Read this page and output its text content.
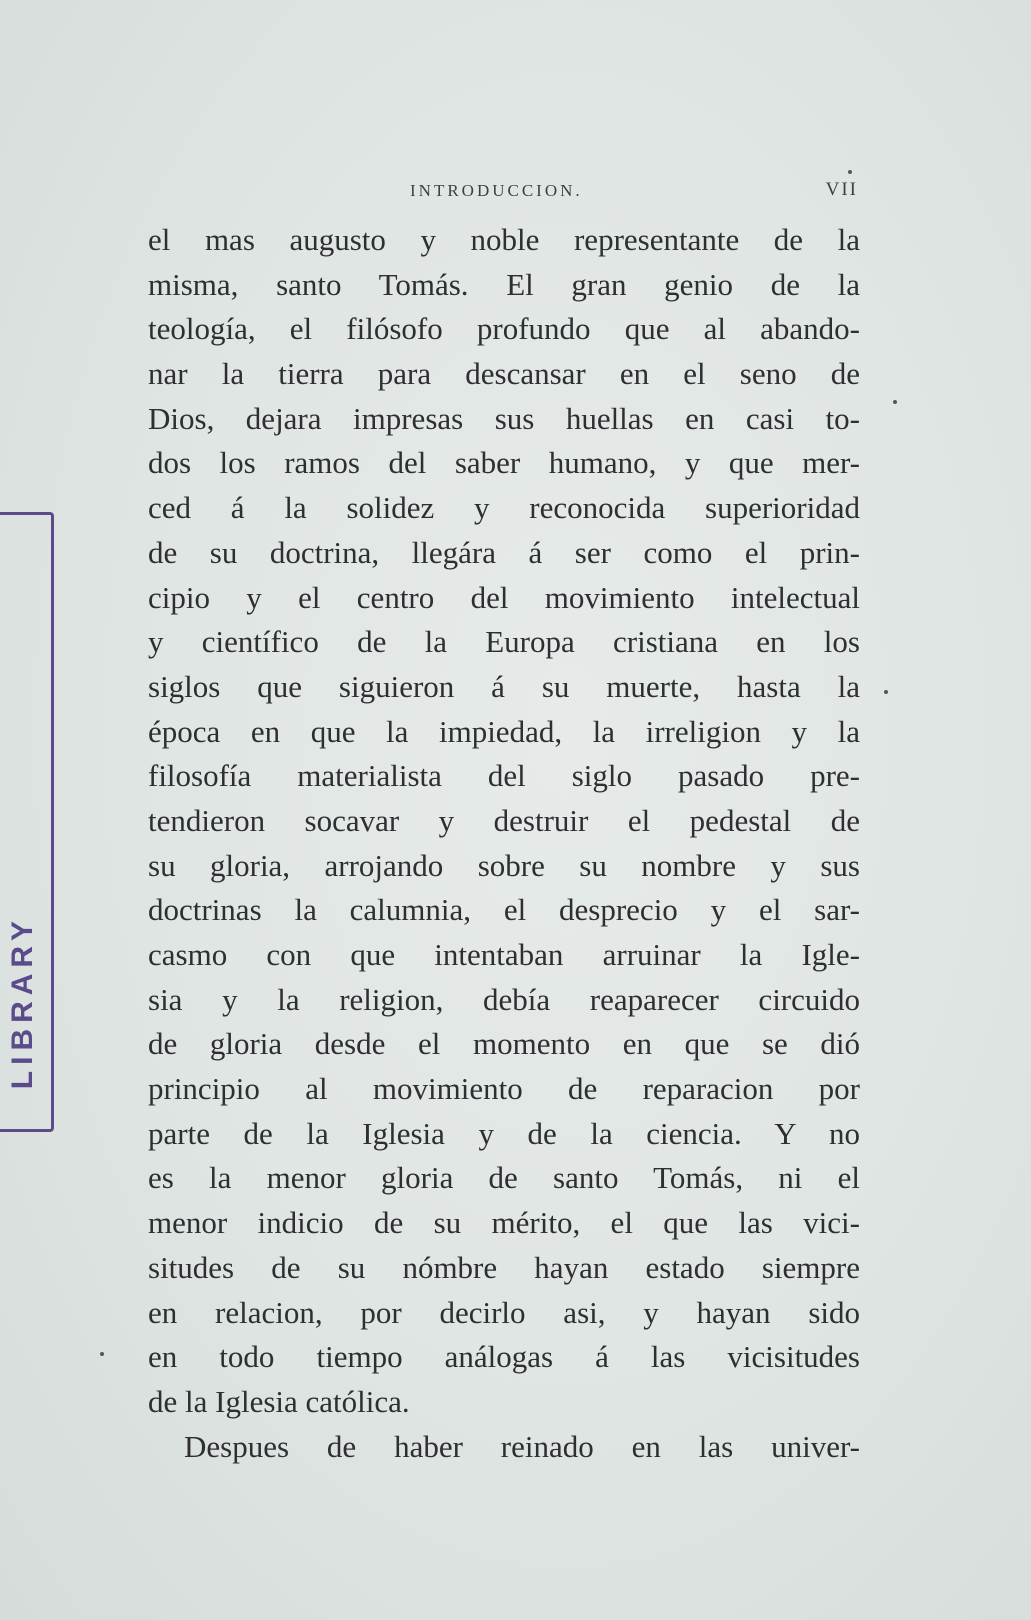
INTRODUCCION.	VII
el mas augusto y noble representante de la
misma, santo Tomás. El gran genio de la
teología, el filósofo profundo que al abando-
nar la tierra para descansar en el seno de
Dios, dejara impresas sus huellas en casi to-
dos los ramos del saber humano, y que mer-
ced á la solidez y reconocida superioridad
de su doctrina, llegára á ser como el prin-
cipio y el centro del movimiento intelectual
y científico de la Europa cristiana en los
siglos que siguieron á su muerte, hasta la
época en que la impiedad, la irreligion y la
filosofía materialista del siglo pasado pre-
tendieron socavar y destruir el pedestal de
su gloria, arrojando sobre su nombre y sus
doctrinas la calumnia, el desprecio y el sar-
casmo con que intentaban arruinar la Igle-
sia y la religion, debía reaparecer circuido
de gloria desde el momento en que se dió
principio al movimiento de reparacion por
parte de la Iglesia y de la ciencia. Y no
es la menor gloria de santo Tomás, ni el
menor indicio de su mérito, el que las vici-
situdes de su nómbre hayan estado siempre
en relacion, por decirlo asi, y hayan sido
en todo tiempo análogas á las vicisitudes
de la Iglesia católica.
Despues de haber reinado en las univer-
LIBRARY
